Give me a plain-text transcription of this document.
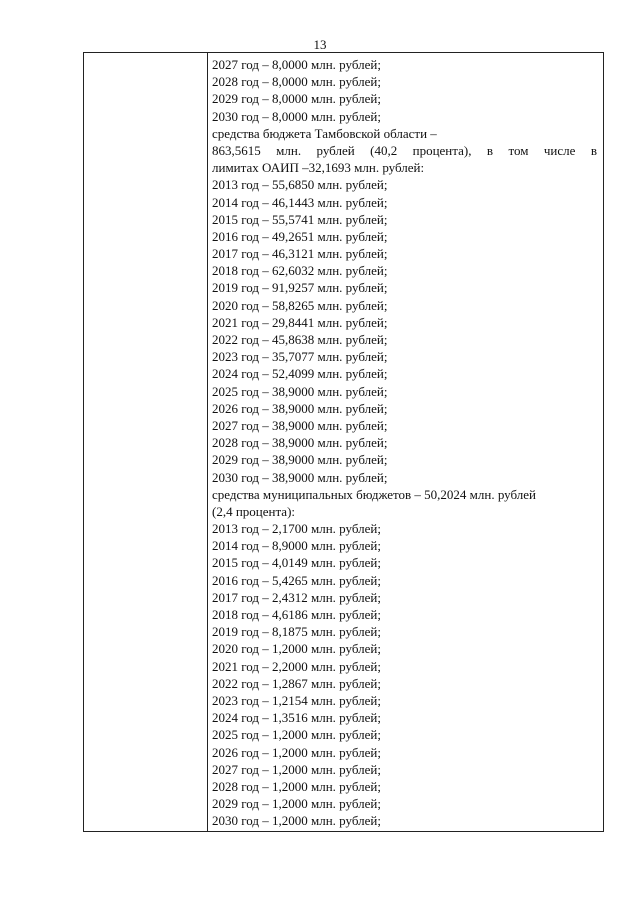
13
2027 год – 8,0000 млн. рублей;
2028 год – 8,0000 млн. рублей;
2029 год – 8,0000 млн. рублей;
2030 год – 8,0000 млн. рублей;
средства бюджета Тамбовской области –
863,5615 млн. рублей (40,2 процента), в том числе в
лимитах ОАИП –32,1693 млн. рублей:
2013 год – 55,6850 млн. рублей;
2014 год – 46,1443 млн. рублей;
2015 год – 55,5741 млн. рублей;
2016 год – 49,2651 млн. рублей;
2017 год – 46,3121 млн. рублей;
2018 год – 62,6032 млн. рублей;
2019 год – 91,9257 млн. рублей;
2020 год – 58,8265 млн. рублей;
2021 год – 29,8441 млн. рублей;
2022 год – 45,8638 млн. рублей;
2023 год – 35,7077 млн. рублей;
2024 год – 52,4099 млн. рублей;
2025 год – 38,9000 млн. рублей;
2026 год – 38,9000 млн. рублей;
2027 год – 38,9000 млн. рублей;
2028 год – 38,9000 млн. рублей;
2029 год – 38,9000 млн. рублей;
2030 год – 38,9000 млн. рублей;
средства муниципальных бюджетов – 50,2024 млн. рублей
(2,4 процента):
2013 год – 2,1700 млн. рублей;
2014 год – 8,9000 млн. рублей;
2015 год – 4,0149 млн. рублей;
2016 год – 5,4265 млн. рублей;
2017 год – 2,4312 млн. рублей;
2018 год – 4,6186 млн. рублей;
2019 год – 8,1875 млн. рублей;
2020 год – 1,2000 млн. рублей;
2021 год – 2,2000 млн. рублей;
2022 год – 1,2867 млн. рублей;
2023 год – 1,2154 млн. рублей;
2024 год – 1,3516 млн. рублей;
2025 год – 1,2000 млн. рублей;
2026 год – 1,2000 млн. рублей;
2027 год – 1,2000 млн. рублей;
2028 год – 1,2000 млн. рублей;
2029 год – 1,2000 млн. рублей;
2030 год – 1,2000 млн. рублей;
